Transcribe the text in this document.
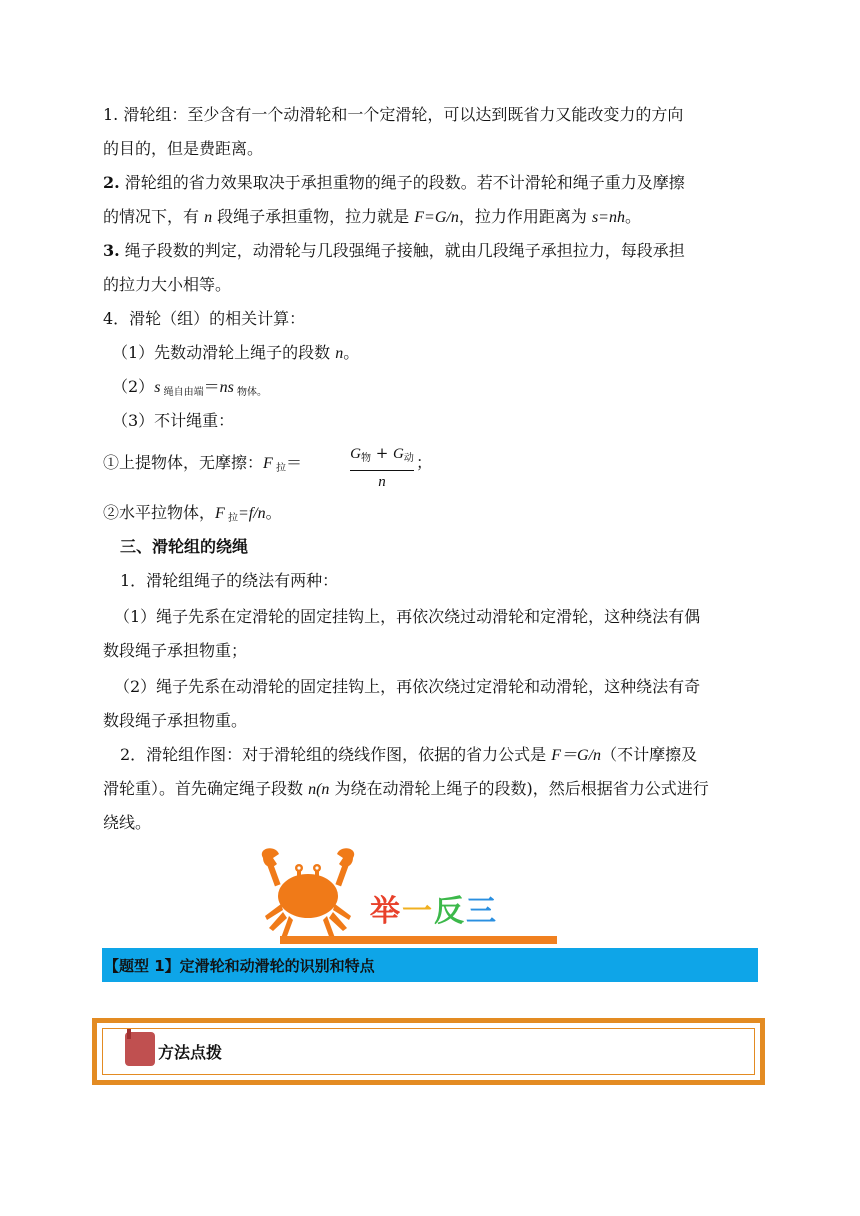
1. 滑轮组：至少含有一个动滑轮和一个定滑轮，可以达到既省力又能改变力的方向
的目的，但是费距离。
2. 滑轮组的省力效果取决于承担重物的绳子的段数。若不计滑轮和绳子重力及摩擦
的情况下，有 n 段绳子承担重物，拉力就是 F=G/n，拉力作用距离为 s=nh。
3. 绳子段数的判定，动滑轮与几段强绳子接触，就由几段绳子承担拉力，每段承担
的拉力大小相等。
4．滑轮（组）的相关计算：
（1）先数动滑轮上绳子的段数 n。
（2）s $_{绳自由端}$＝ns $_{物体。}$
（3）不计绳重：
①上提物体，无摩擦：F $_拉$＝	$G_物 + G_动$
n
；
②水平拉物体，F $_拉$=f/n。
三、滑轮组的绕绳
1．滑轮组绳子的绕法有两种：
（1）绳子先系在定滑轮的固定挂钩上，再依次绕过动滑轮和定滑轮，这种绕法有偶
数段绳子承担物重；
（2）绳子先系在动滑轮的固定挂钩上，再依次绕过定滑轮和动滑轮，这种绕法有奇
数段绳子承担物重。
2．滑轮组作图：对于滑轮组的绕线作图，依据的省力公式是 F＝G/n（不计摩擦及
滑轮重）。首先确定绳子段数 n(n 为绕在动滑轮上绳子的段数)，然后根据省力公式进行
绕线。
举一反三
【题型 1】定滑轮和动滑轮的识别和特点
方法点拨
